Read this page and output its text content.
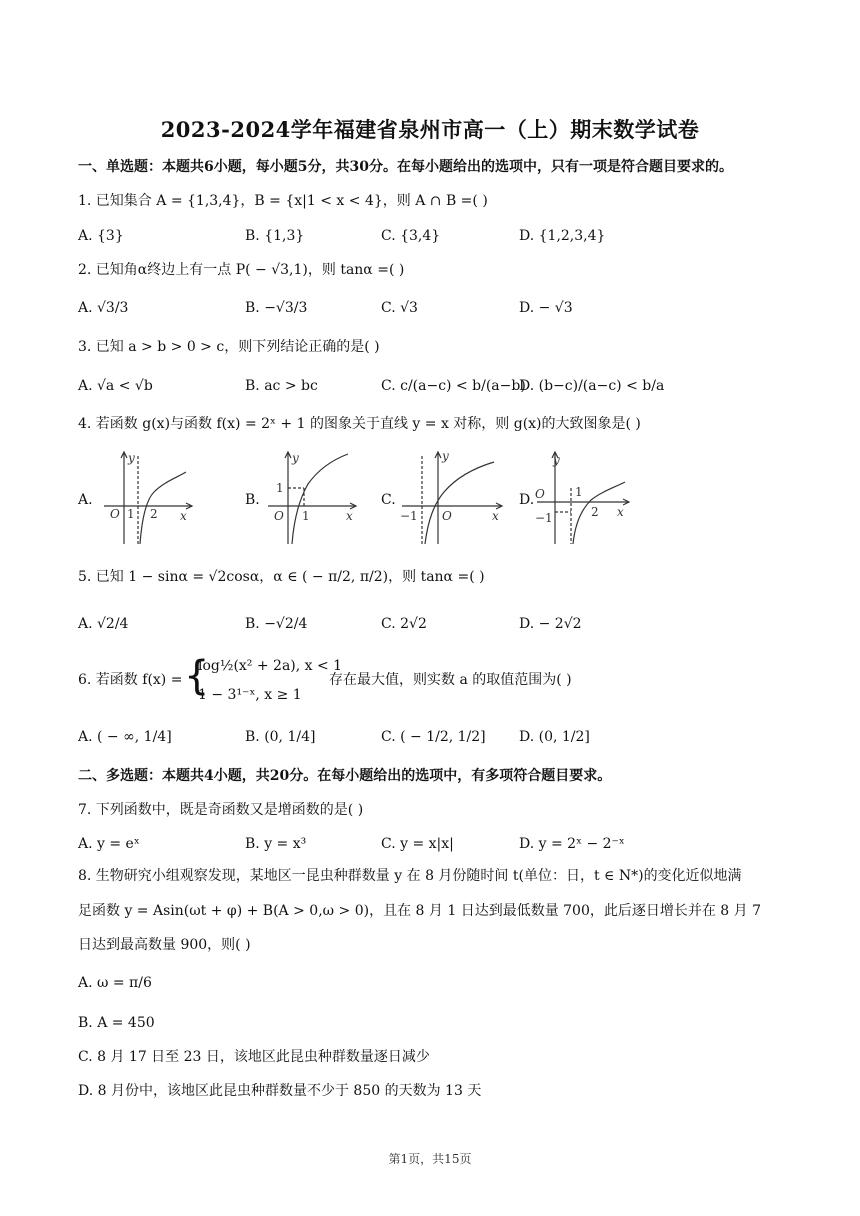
2023-2024学年福建省泉州市高一（上）期末数学试卷
一、单选题：本题共6小题，每小题5分，共30分。在每小题给出的选项中，只有一项是符合题目要求的。
1. 已知集合 A = {1,3,4}，B = {x|1 < x < 4}，则 A ∩ B =( )
A. {3}	B. {1,3}	C. {3,4}	D. {1,2,3,4}
2. 已知角α终边上有一点 P( − √3,1)，则 tanα =( )
A. √3/3	B. −√3/3	C. √3	D. − √3
3. 已知 a > b > 0 > c，则下列结论正确的是( )
A. √a < √b	B. ac > bc	C. c/(a−c) < b/(a−b)
D. (b−c)/(a−c) < b/a
4. 若函数 g(x)与函数 f(x) = 2ˣ + 1 的图象关于直线 y = x 对称，则 g(x)的大致图象是( )
A.	B.	C.	D.
O 1 2 x
y
1
O 1	x
y
−1 O	x
y	y
1
O
2 x
−1
5. 已知 1 − sinα = √2cosα，α ∈ ( − π/2, π/2)，则 tanα =( )
A. √2/4	B. −√2/4	C. 2√2	D. − 2√2
6. 若函数 f(x) = {
log½(x² + 2a), x < 1
1 − 3¹⁻ˣ, x ≥ 1
存在最大值，则实数 a 的取值范围为( )
A. ( − ∞, 1/4]	B. (0, 1/4]	C. ( − 1/2, 1/2] D. (0, 1/2]
二、多选题：本题共4小题，共20分。在每小题给出的选项中，有多项符合题目要求。
7. 下列函数中，既是奇函数又是增函数的是( )
A. y = eˣ	B. y = x³	C. y = x|x|	D. y = 2ˣ − 2⁻ˣ
8. 生物研究小组观察发现，某地区一昆虫种群数量 y 在 8 月份随时间 t(单位：日，t ∈ N*)的变化近似地满
足函数 y = Asin(ωt + φ) + B(A > 0,ω > 0)，且在 8 月 1 日达到最低数量 700，此后逐日增长并在 8 月 7
日达到最高数量 900，则( )
A. ω = π/6
B. A = 450
C. 8 月 17 日至 23 日，该地区此昆虫种群数量逐日减少
D. 8 月份中，该地区此昆虫种群数量不少于 850 的天数为 13 天
第1页，共15页
